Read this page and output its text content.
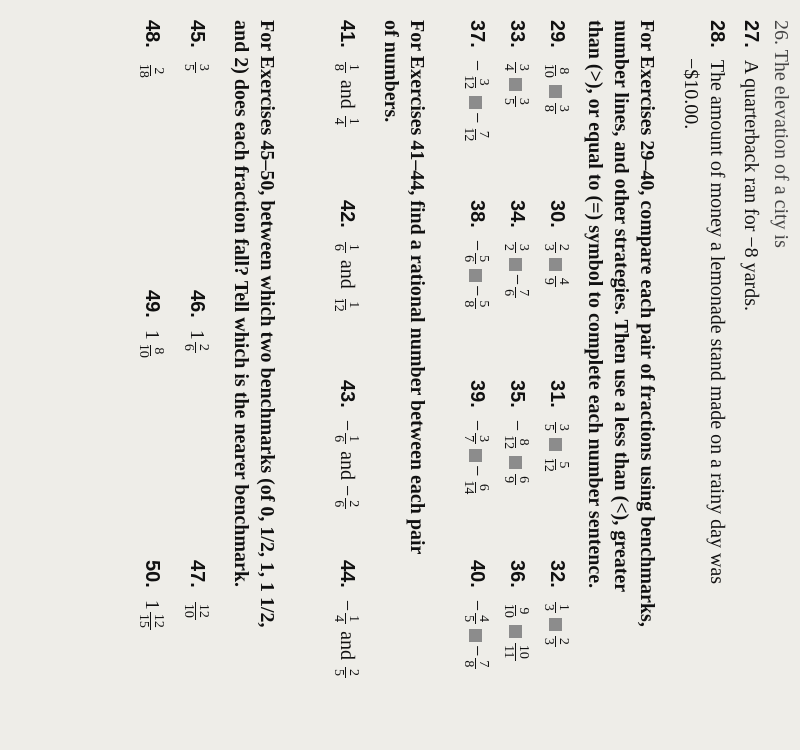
26. The elevation of a city is
27.A quarterback ran for −8 yards.
28.The amount of money a lemonade stand made on a rainy day was
−$10.00.
For Exercises 29–40, compare each pair of fractions using benchmarks,
number lines, and other strategies. Then use a less than (<), greater
than (>), or equal to (=) symbol to complete each number sentence.
29.
8
10
3
8
30.
2
3
4
9
31.
3
5
5
12
32.
1
3
2
3
33.
3
4
3
5
34.
3
2
−
7
6
35.−
8
12
6
9
36.
9
10
10
11
37.−
3
12
−
7
12
38.−
5
6
−
5
8
39.−
3
7
−
6
14
40.−
4
5
−
7
8
For Exercises 41–44, find a rational number between each pair
of numbers.
41.
1
8
and
1
4
42.
1
6
and
1
12
43.−
1
6
and −
2
6
44.−
1
4
and
2
5
For Exercises 45–50, between which two benchmarks (of 0, 1/2, 1, 1 1/2,
and 2) does each fraction fall? Tell which is the nearer benchmark.
45.
3
5
46.1
2
6
47.
12
10
48.
2
18
49.1
8
10
50.1
12
15
